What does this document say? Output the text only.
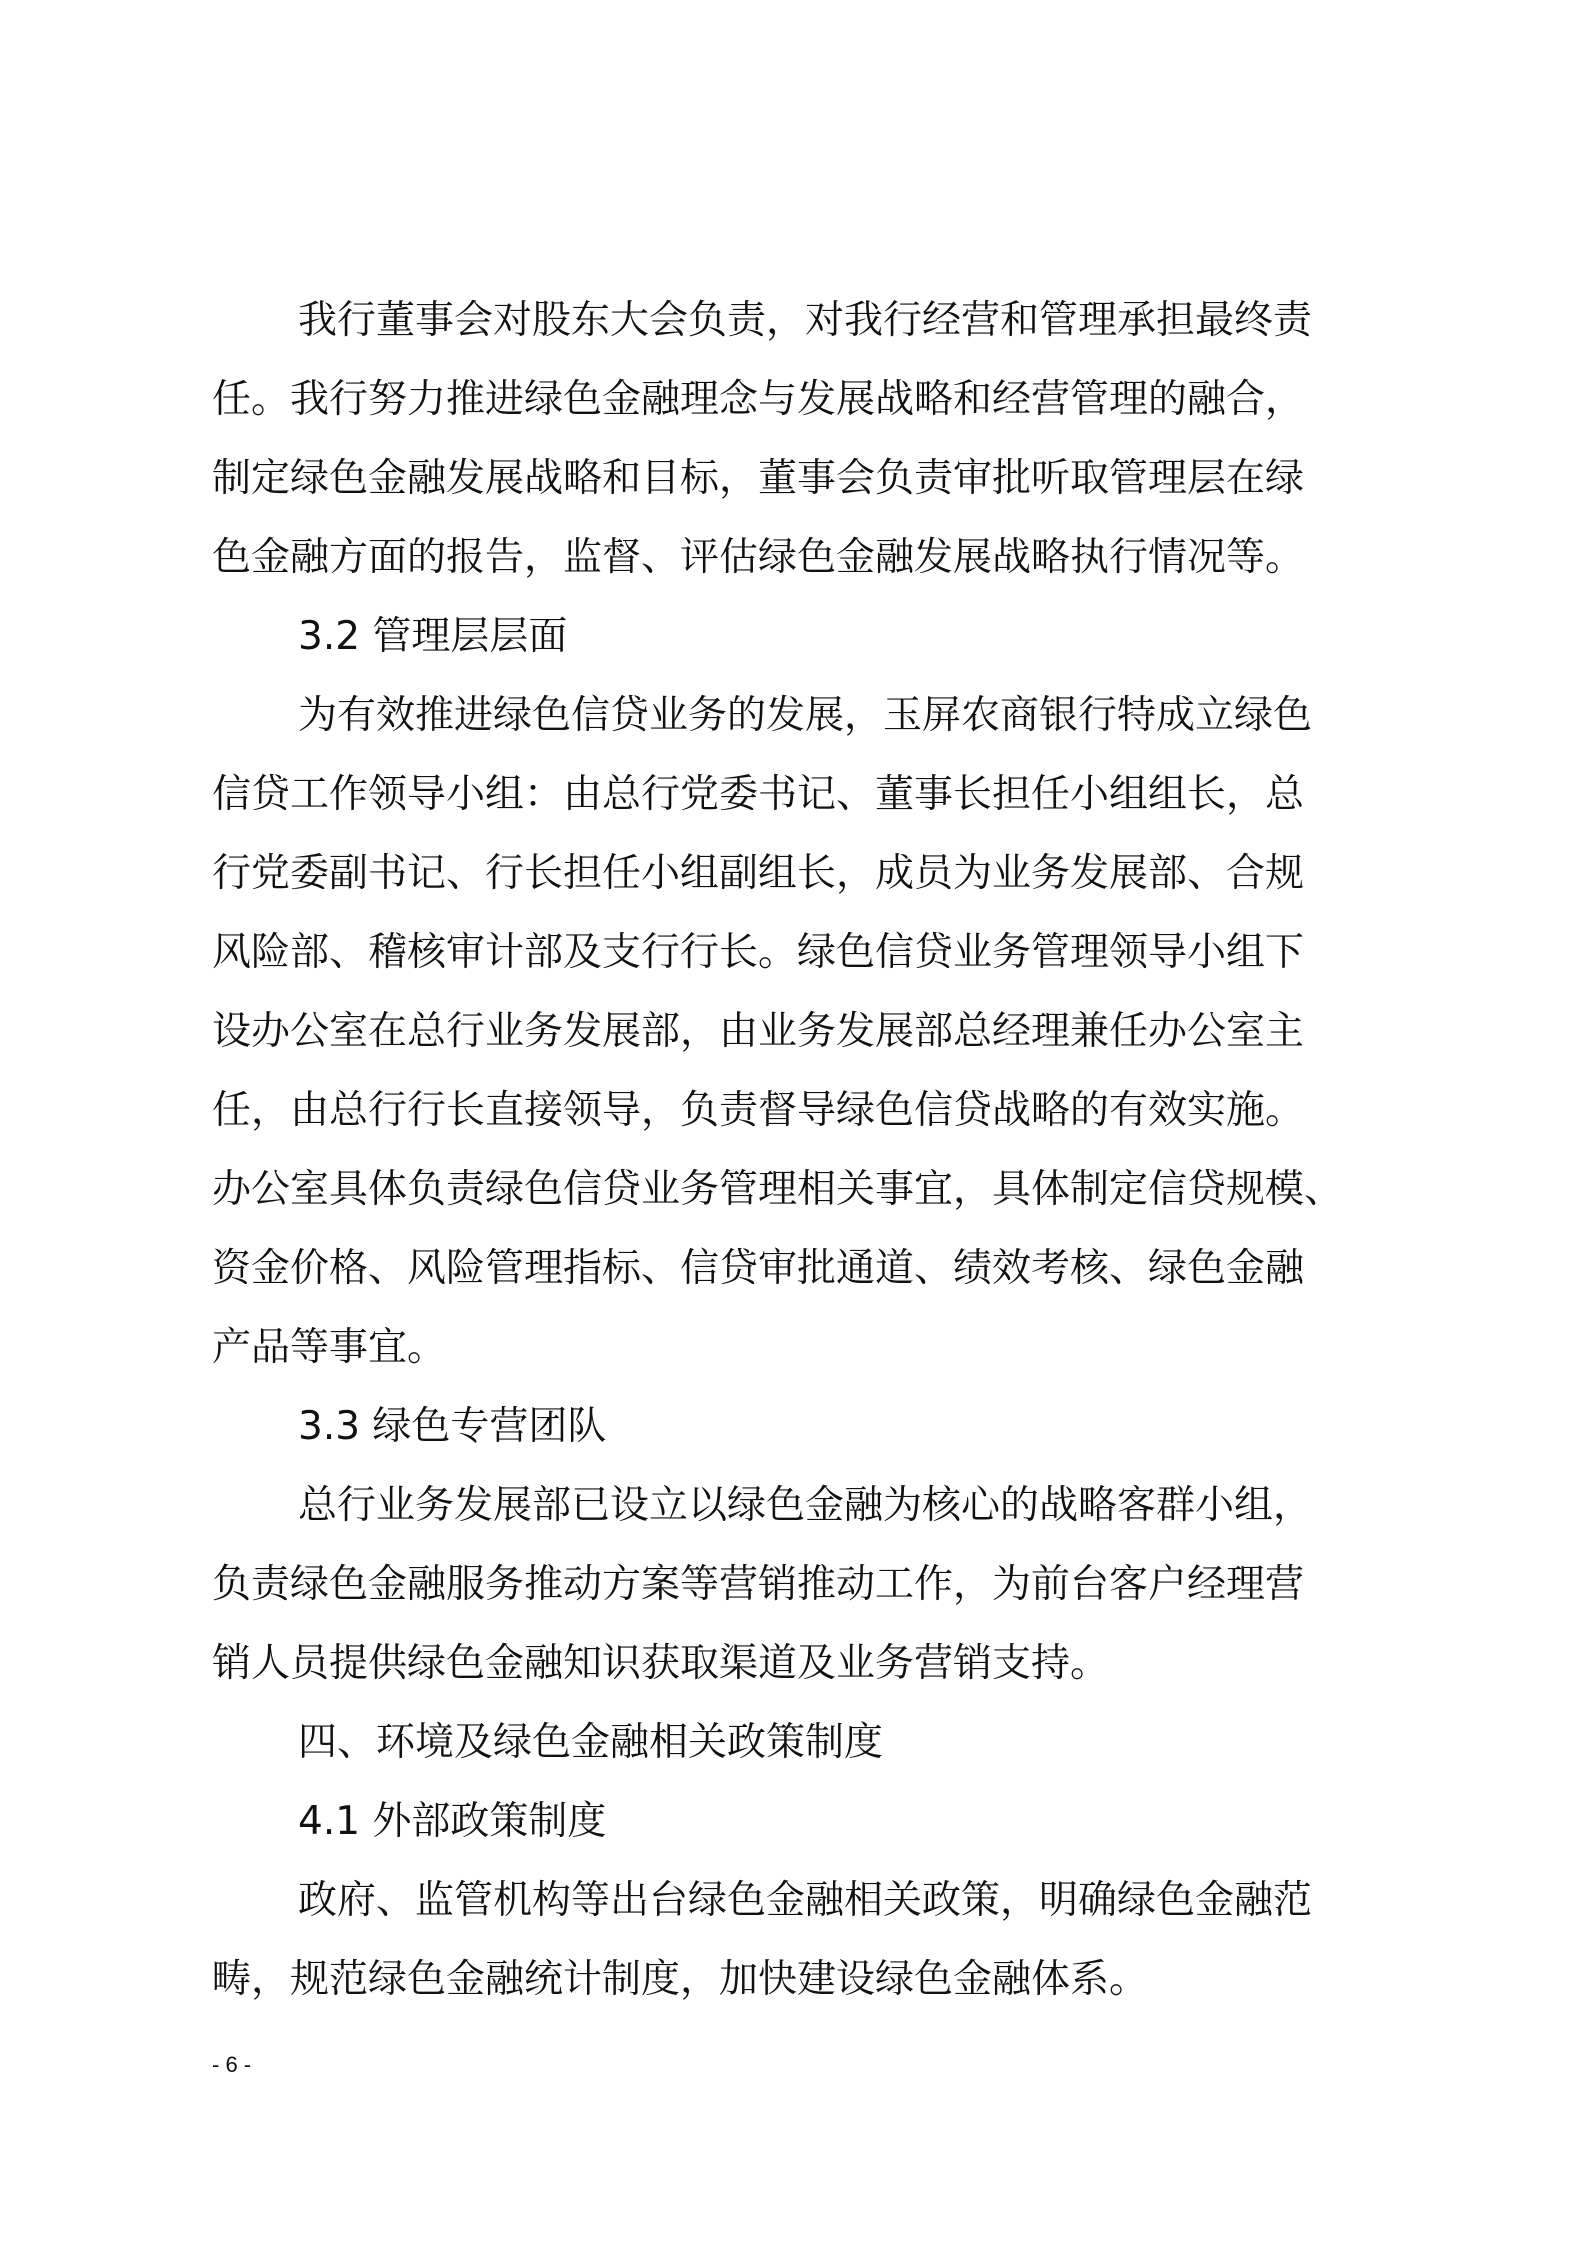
我行董事会对股东大会负责，对我行经营和管理承担最终责
任。我行努力推进绿色金融理念与发展战略和经营管理的融合，
制定绿色金融发展战略和目标，董事会负责审批听取管理层在绿
色金融方面的报告，监督、评估绿色金融发展战略执行情况等。
3.2 管理层层面
为有效推进绿色信贷业务的发展，玉屏农商银行特成立绿色
信贷工作领导小组：由总行党委书记、董事长担任小组组长，总
行党委副书记、行长担任小组副组长，成员为业务发展部、合规
风险部、稽核审计部及支行行长。绿色信贷业务管理领导小组下
设办公室在总行业务发展部，由业务发展部总经理兼任办公室主
任，由总行行长直接领导，负责督导绿色信贷战略的有效实施。
办公室具体负责绿色信贷业务管理相关事宜，具体制定信贷规模、
资金价格、风险管理指标、信贷审批通道、绩效考核、绿色金融
产品等事宜。
3.3 绿色专营团队
总行业务发展部已设立以绿色金融为核心的战略客群小组，
负责绿色金融服务推动方案等营销推动工作，为前台客户经理营
销人员提供绿色金融知识获取渠道及业务营销支持。
四、环境及绿色金融相关政策制度
4.1 外部政策制度
政府、监管机构等出台绿色金融相关政策，明确绿色金融范
畴，规范绿色金融统计制度，加快建设绿色金融体系。
- 6 -
